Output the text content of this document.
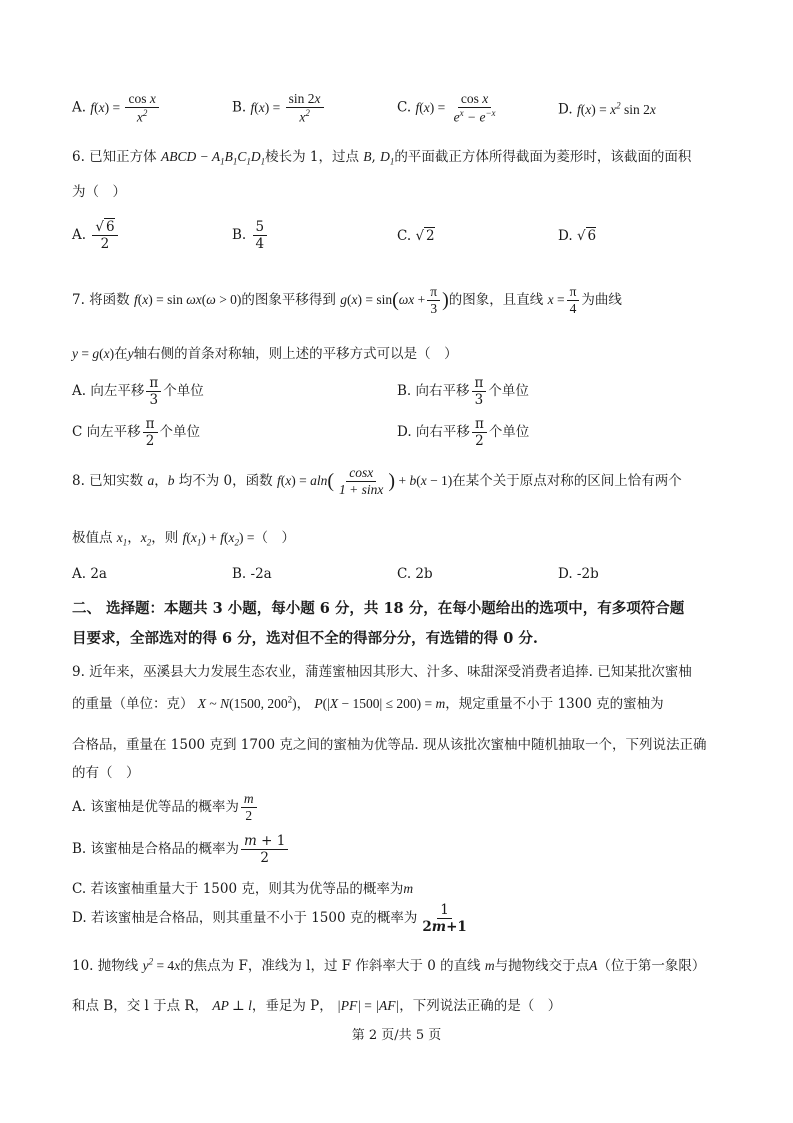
A. $f(x) = \frac{\text{cos x}}{x^2}$	B. $f(x) = \frac{\sin 2x}{x^2}$	C. $f(x) = \frac{\text{cos x}}{e^x - e^{-x}}$	D. $f(x) = x^2$ sin 2x
6. 已知正方体 ABCD − $A_1B_1C_1D_1$棱长为 1，过点 B, $D_1$的平面截正方体所得截面为菱形时，该截面的面积
为（　）
A. $\frac{√ 6}{2}$	B. $\frac{5}{4}$	C. √ 2	D. √ 6
7. 将函数 f(x) = sin ωx(ω > 0)的图象平移得到 $g(x) = \sin(\omega x + \frac{\pi}{3}$ )的图象，且直线 $x = \frac{\pi}{4}$ 为曲线
y = g(x)在y轴右侧的首条对称轴，则上述的平移方式可以是（　）
A. 向左平移 $\frac{\pi}{3}$ 个单位	B. 向右平移 $\frac{\pi}{3}$ 个单位
C 向左平移 $\frac{\pi}{2}$ 个单位	D. 向右平移 $\frac{\pi}{2}$ 个单位
8. 已知实数 a，b 均不为 0，函数 $f(x) = aln( \frac{\cos x}{1 + \sin x}$ ) + b(x − 1)在某个关于原点对称的区间上恰有两个
极值点 $x_1$，$x_2$，则 $f(x_1) + f(x_2)$ =（　）
A. 2a	B. -2a	C. 2b	D. -2b
二、 选择题：本题共 3 小题，每小题 6 分，共 18 分，在每小题给出的选项中，有多项符合题
目要求，全部选对的得 6 分，选对但不全的得部分分，有选错的得 0 分.
9. 近年来，巫溪县大力发展生态农业，蒲莲蜜柚因其形大、汁多、味甜深受消费者追捧. 已知某批次蜜柚
的重量（单位：克） X ~ N(1500, $200^2$)， P(|X − 1500| ≤ 200) = m，规定重量不小于 1300 克的蜜柚为
合格品，重量在 1500 克到 1700 克之间的蜜柚为优等品. 现从该批次蜜柚中随机抽取一个，下列说法正确
的有（　）
A. 该蜜柚是优等品的概率为 $\frac{m}{2}$
B. 该蜜柚是合格品的概率为 $\frac{m + 1}{2}$
C. 若该蜜柚重量大于 1500 克，则其为优等品的概率为m
D. 若该蜜柚是合格品，则其重量不小于 1500 克的概率为 $\frac{1}{2m+1}$
10. 抛物线 $y^2 = 4x$的焦点为 F，准线为 l，过 F 作斜率大于 0 的直线 m与抛物线交于点A（位于第一象限）
和点 B，交 l 于点 R， AP ⊥ l，垂足为 P， |PF| = |AF|，下列说法正确的是（　）
第 2 页/共 5 页
